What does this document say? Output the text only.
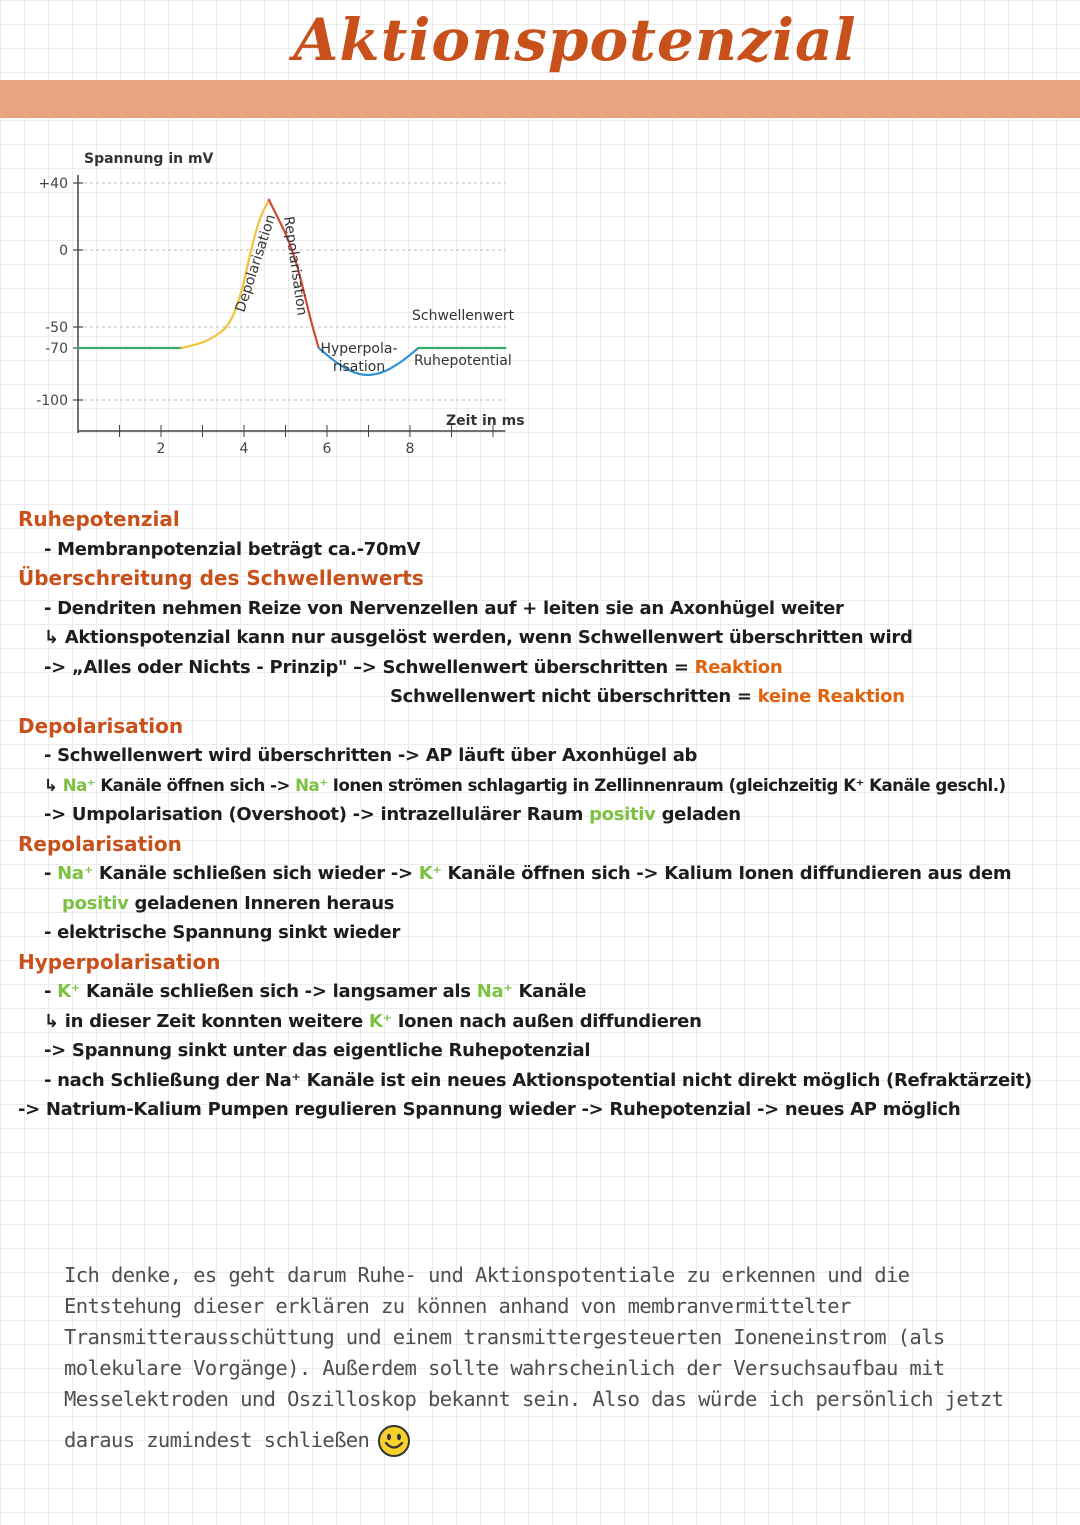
Aktionspotenzial
+40
0
-50
-70
-100
2	4	6	8
Spannung in mV
Zeit in ms
Depolarisation Repolarisation
Hyperpola-
risation
Schwellenwert
Ruhepotential
Ruhepotenzial
- Membranpotenzial beträgt ca.-70mV
Überschreitung des Schwellenwerts
- Dendriten nehmen Reize von Nervenzellen auf + leiten sie an Axonhügel weiter
↳ Aktionspotenzial kann nur ausgelöst werden, wenn Schwellenwert überschritten wird
-> „Alles oder Nichts - Prinzip" –> Schwellenwert überschritten = Reaktion
Schwellenwert nicht überschritten = keine Reaktion
Depolarisation
- Schwellenwert wird überschritten -> AP läuft über Axonhügel ab
↳ Na⁺ Kanäle öffnen sich -> Na⁺ Ionen strömen schlagartig in Zellinnenraum (gleichzeitig K⁺ Kanäle geschl.)
-> Umpolarisation (Overshoot) -> intrazellulärer Raum positiv geladen
Repolarisation
- Na⁺ Kanäle schließen sich wieder -> K⁺ Kanäle öffnen sich -> Kalium Ionen diffundieren aus dem
positiv geladenen Inneren heraus
- elektrische Spannung sinkt wieder
Hyperpolarisation
- K⁺ Kanäle schließen sich -> langsamer als Na⁺ Kanäle
↳ in dieser Zeit konnten weitere K⁺ Ionen nach außen diffundieren
-> Spannung sinkt unter das eigentliche Ruhepotenzial
- nach Schließung der Na⁺ Kanäle ist ein neues Aktionspotential nicht direkt möglich (Refraktärzeit)
-> Natrium-Kalium Pumpen regulieren Spannung wieder -> Ruhepotenzial -> neues AP möglich
Ich denke, es geht darum Ruhe- und Aktionspotentiale zu erkennen und die
Entstehung dieser erklären zu können anhand von membranvermittelter
Transmitterausschüttung und einem transmittergesteuerten Ioneneinstrom (als
molekulare Vorgänge). Außerdem sollte wahrscheinlich der Versuchsaufbau mit
Messelektroden und Oszilloskop bekannt sein. Also das würde ich persönlich jetzt
daraus zumindest schließen
